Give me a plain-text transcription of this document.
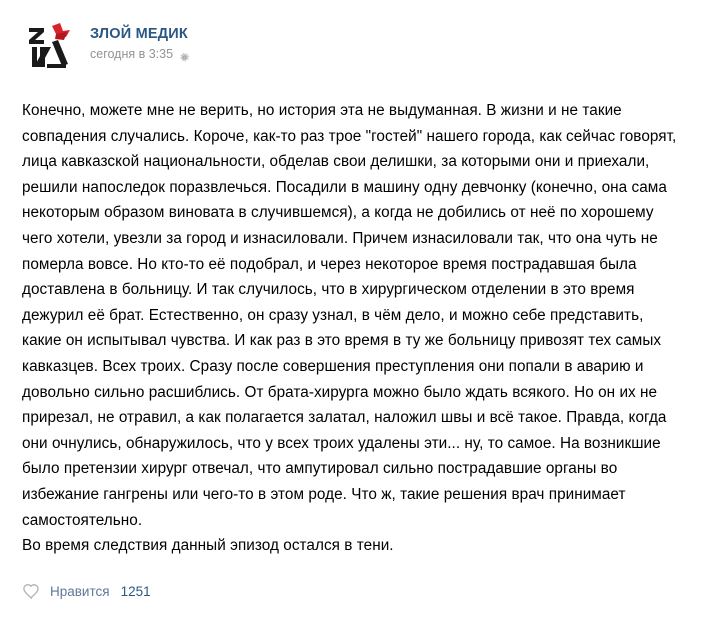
ЗЛОЙ МЕДИК
сегодня в 3:35

Конечно, можете мне не верить, но история эта не выдуманная. В жизни и не такие совпадения случались. Короче, как-то раз трое "гостей" нашего города, как сейчас говорят, лица кавказской национальности, обделав свои делишки, за которыми они и приехали, решили напоследок поразвлечься. Посадили в машину одну девчонку (конечно, она сама некоторым образом виновата в случившемся), а когда не добились от неё по хорошему чего хотели, увезли за город и изнасиловали. Причем изнасиловали так, что она чуть не померла вовсе. Но кто-то её подобрал, и через некоторое время пострадавшая была доставлена в больницу. И так случилось, что в хирургическом отделении в это время дежурил её брат. Естественно, он сразу узнал, в чём дело, и можно себе представить, какие он испытывал чувства. И как раз в это время в ту же больницу привозят тех самых кавказцев. Всех троих. Сразу после совершения преступления они попали в аварию и довольно сильно расшиблись. От брата-хирурга можно было ждать всякого. Но он их не прирезал, не отравил, а как полагается залатал, наложил швы и всё такое. Правда, когда они очнулись, обнаружилось, что у всех троих удалены эти... ну, то самое. На возникшие было претензии хирург отвечал, что ампутировал сильно пострадавшие органы во избежание гангрены или чего-то в этом роде. Что ж, такие решения врач принимает самостоятельно.

Во время следствия данный эпизод остался в тени.

Нравится 1251
